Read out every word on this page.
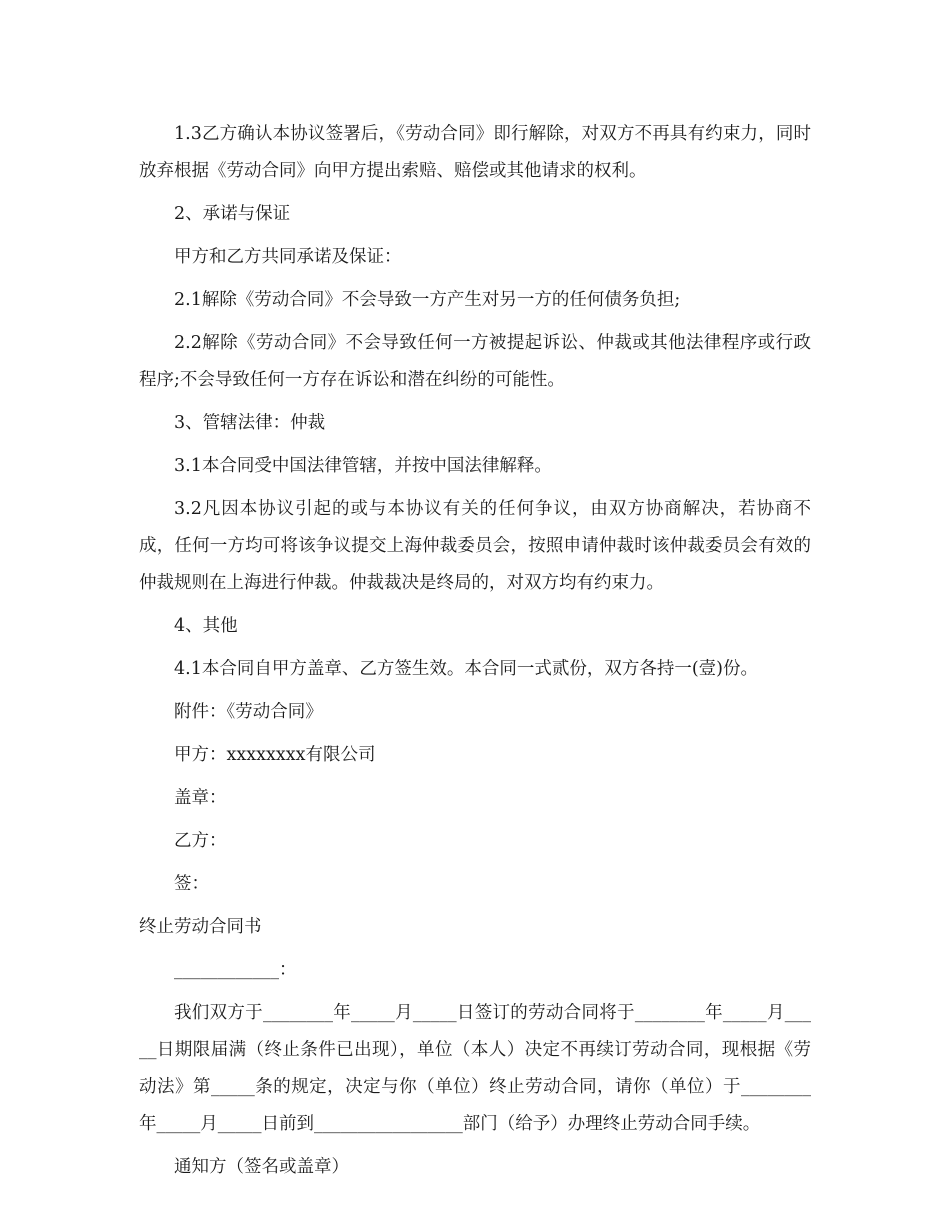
1.3乙方确认本协议签署后，《劳动合同》即行解除，对双方不再具有约束力，同时放弃根据《劳动合同》向甲方提出索赔、赔偿或其他请求的权利。

2、承诺与保证

甲方和乙方共同承诺及保证：

2.1解除《劳动合同》不会导致一方产生对另一方的任何债务负担;

2.2解除《劳动合同》不会导致任何一方被提起诉讼、仲裁或其他法律程序或行政程序;不会导致任何一方存在诉讼和潜在纠纷的可能性。

3、管辖法律：仲裁

3.1本合同受中国法律管辖，并按中国法律解释。

3.2凡因本协议引起的或与本协议有关的任何争议，由双方协商解决，若协商不成，任何一方均可将该争议提交上海仲裁委员会，按照申请仲裁时该仲裁委员会有效的仲裁规则在上海进行仲裁。仲裁裁决是终局的，对双方均有约束力。

4、其他

4.1本合同自甲方盖章、乙方签生效。本合同一式贰份，双方各持一(壹)份。

附件：《劳动合同》

甲方：xxxxxxxx有限公司

盖章：

乙方：

签：

终止劳动合同书

____________：

我们双方于________年_____月_____日签订的劳动合同将于________年_____月_____日期限届满（终止条件已出现），单位（本人）决定不再续订劳动合同，现根据《劳动法》第_____条的规定，决定与你（单位）终止劳动合同，请你（单位）于________年_____月_____日前到_________________部门（给予）办理终止劳动合同手续。

通知方（签名或盖章）
